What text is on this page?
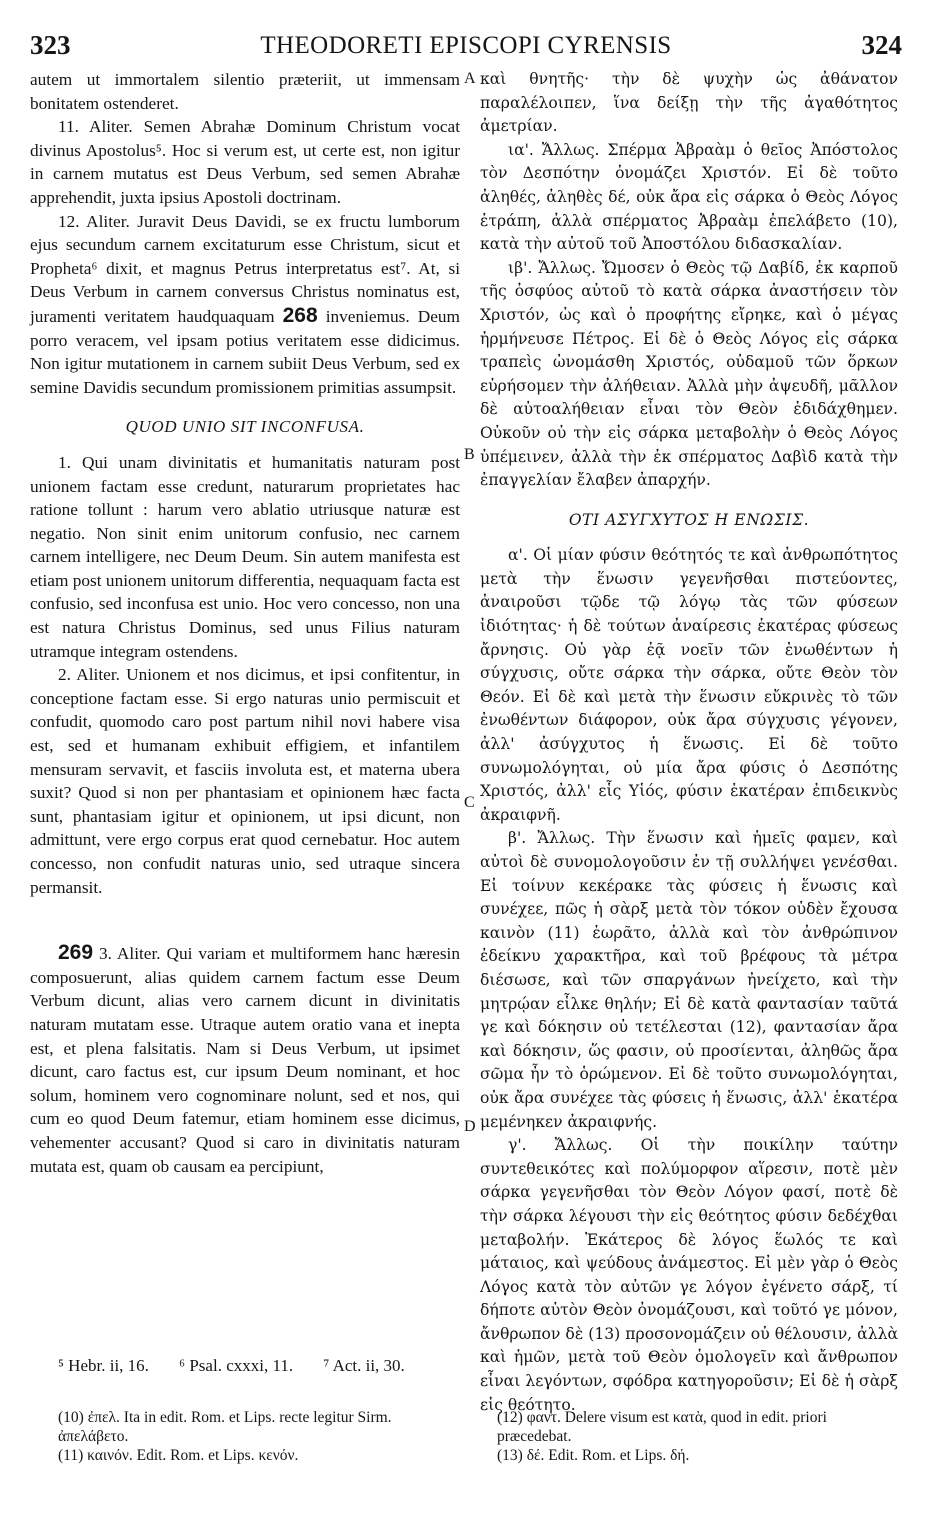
323	THEODORETI EPISCOPI CYRENSIS	324

autem ut immortalem silentio præteriit, ut immensam bonitatem ostenderet.

11. Aliter. Semen Abrahæ Dominum Christum vocat divinus Apostolus⁵. Hoc si verum est, ut certe est, non igitur in carnem mutatus est Deus Verbum, sed semen Abrahæ apprehendit, juxta ipsius Apostoli doctrinam.

12. Aliter. Juravit Deus Davidi, se ex fructu lumborum ejus secundum carnem excitaturum esse Christum, sicut et Propheta⁶ dixit, et magnus Petrus interpretatus est⁷. At, si Deus Verbum in carnem conversus Christus nominatus est, juramenti veritatem haudquaquam 268 inveniemus. Deum porro veracem, vel ipsam potius veritatem esse didicimus. Non igitur mutationem in carnem subiit Deus Verbum, sed ex semine Davidis secundum promissionem primitias assumpsit.

QUOD UNIO SIT INCONFUSA.

1. Qui unam divinitatis et humanitatis naturam post unionem factam esse credunt, naturarum proprietates hac ratione tollunt : harum vero ablatio utriusque naturæ est negatio. Non sinit enim unitorum confusio, nec carnem carnem intelligere, nec Deum Deum. Sin autem manifesta est etiam post unionem unitorum differentia, nequaquam facta est confusio, sed inconfusa est unio. Hoc vero concesso, non una est natura Christus Dominus, sed unus Filius naturam utramque integram ostendens.

2. Aliter. Unionem et nos dicimus, et ipsi confitentur, in conceptione factam esse. Si ergo naturas unio permiscuit et confudit, quomodo caro post partum nihil novi habere visa est, sed et humanam exhibuit effigiem, et infantilem mensuram servavit, et fasciis involuta est, et materna ubera suxit? Quod si non per phantasiam et opinionem hæc facta sunt, phantasiam igitur et opinionem, ut ipsi dicunt, non admittunt, vere ergo corpus erat quod cernebatur. Hoc autem concesso, non confudit naturas unio, sed utraque sincera permansit.

269 3. Aliter. Qui variam et multiformem hanc hæresin composuerunt, alias quidem carnem factum esse Deum Verbum dicunt, alias vero carnem dicunt in divinitatis naturam mutatam esse. Utraque autem oratio vana et inepta est, et plena falsitatis. Nam si Deus Verbum, ut ipsimet dicunt, caro factus est, cur ipsum Deum nominant, et hoc solum, hominem vero cognominare nolunt, sed et nos, qui cum eo quod Deum fatemur, etiam hominem esse dicimus, vehementer accusant? Quod si caro in divinitatis naturam mutata est, quam ob causam ea percipiunt,

A
B
C
D

καὶ θνητῆς· τὴν δὲ ψυχὴν ὡς ἀθάνατον παραλέλοιπεν, ἵνα δείξῃ τὴν τῆς ἀγαθότητος ἀμετρίαν.

ια'. Ἄλλως. Σπέρμα Ἀβραὰμ ὁ θεῖος Ἀπόστολος τὸν Δεσπότην ὀνομάζει Χριστόν. Εἰ δὲ τοῦτο ἀληθές, ἀληθὲς δέ, οὐκ ἄρα εἰς σάρκα ὁ Θεὸς Λόγος ἐτράπη, ἀλλὰ σπέρματος Ἀβραὰμ ἐπελάβετο (10), κατὰ τὴν αὐτοῦ τοῦ Ἀποστόλου διδασκαλίαν.

ιβ'. Ἄλλως. Ὤμοσεν ὁ Θεὸς τῷ Δαβίδ, ἐκ καρποῦ τῆς ὀσφύος αὐτοῦ τὸ κατὰ σάρκα ἀναστήσειν τὸν Χριστόν, ὡς καὶ ὁ προφήτης εἴρηκε, καὶ ὁ μέγας ἡρμήνευσε Πέτρος. Εἰ δὲ ὁ Θεὸς Λόγος εἰς σάρκα τραπεὶς ὠνομάσθη Χριστός, οὐδαμοῦ τῶν ὅρκων εὑρήσομεν τὴν ἀλήθειαν. Ἀλλὰ μὴν ἀψευδῆ, μᾶλλον δὲ αὐτοαλήθειαν εἶναι τὸν Θεὸν ἐδιδάχθημεν. Οὐκοῦν οὐ τὴν εἰς σάρκα μεταβολὴν ὁ Θεὸς Λόγος ὑπέμεινεν, ἀλλὰ τὴν ἐκ σπέρματος Δαβὶδ κατὰ τὴν ἐπαγγελίαν ἔλαβεν ἀπαρχήν.

ΟΤΙ ΑΣΥΓΧΥΤΟΣ Η ΕΝΩΣΙΣ.

α'. Οἱ μίαν φύσιν θεότητός τε καὶ ἀνθρωπότητος μετὰ τὴν ἕνωσιν γεγενῆσθαι πιστεύοντες, ἀναιροῦσι τῷδε τῷ λόγῳ τὰς τῶν φύσεων ἰδιότητας· ἡ δὲ τούτων ἀναίρεσις ἑκατέρας φύσεως ἄρνησις. Οὐ γὰρ ἐᾷ νοεῖν τῶν ἑνωθέντων ἡ σύγχυσις, οὔτε σάρκα τὴν σάρκα, οὔτε Θεὸν τὸν Θεόν. Εἰ δὲ καὶ μετὰ τὴν ἕνωσιν εὔκρινὲς τὸ τῶν ἑνωθέντων διάφορον, οὐκ ἄρα σύγχυσις γέγονεν, ἀλλ' ἀσύγχυτος ἡ ἕνωσις. Εἰ δὲ τοῦτο συνωμολόγηται, οὐ μία ἄρα φύσις ὁ Δεσπότης Χριστός, ἀλλ' εἷς Υἱός, φύσιν ἑκατέραν ἐπιδεικνὺς ἀκραιφνῆ.

β'. Ἄλλως. Τὴν ἕνωσιν καὶ ἡμεῖς φαμεν, καὶ αὐτοὶ δὲ συνομολογοῦσιν ἐν τῇ συλλήψει γενέσθαι. Εἰ τοίνυν κεκέρακε τὰς φύσεις ἡ ἕνωσις καὶ συνέχεε, πῶς ἡ σὰρξ μετὰ τὸν τόκον οὐδὲν ἔχουσα καινὸν (11) ἑωρᾶτο, ἀλλὰ καὶ τὸν ἀνθρώπινον ἐδείκνυ χαρακτῆρα, καὶ τοῦ βρέφους τὰ μέτρα διέσωσε, καὶ τῶν σπαργάνων ἠνείχετο, καὶ τὴν μητρῴαν εἷλκε θηλήν; Εἰ δὲ κατὰ φαντασίαν ταῦτά γε καὶ δόκησιν οὐ τετέλεσται (12), φαντασίαν ἄρα καὶ δόκησιν, ὥς φασιν, οὐ προσίενται, ἀληθῶς ἄρα σῶμα ἦν τὸ ὁρώμενον. Εἰ δὲ τοῦτο συνωμολόγηται, οὐκ ἄρα συνέχεε τὰς φύσεις ἡ ἕνωσις, ἀλλ' ἑκατέρα μεμένηκεν ἀκραιφνής.

γ'. Ἄλλως. Οἱ τὴν ποικίλην ταύτην συντεθεικότες καὶ πολύμορφον αἵρεσιν, ποτὲ μὲν σάρκα γεγενῆσθαι τὸν Θεὸν Λόγον φασί, ποτὲ δὲ τὴν σάρκα λέγουσι τὴν εἰς θεότητος φύσιν δεδέχθαι μεταβολήν. Ἑκάτερος δὲ λόγος ἕωλός τε καὶ μάταιος, καὶ ψεύδους ἀνάμεστος. Εἰ μὲν γὰρ ὁ Θεὸς Λόγος κατὰ τὸν αὐτῶν γε λόγον ἐγένετο σάρξ, τί δήποτε αὐτὸν Θεὸν ὀνομάζουσι, καὶ τοῦτό γε μόνον, ἄνθρωπον δὲ (13) προσονομάζειν οὐ θέλουσιν, ἀλλὰ καὶ ἡμῶν, μετὰ τοῦ Θεὸν ὁμολογεῖν καὶ ἄνθρωπον εἶναι λεγόντων, σφόδρα κατηγοροῦσιν; Εἰ δὲ ἡ σὰρξ εἰς θεότητο.

⁵ Hebr. ii, 16. ⁶ Psal. cxxxi, 11. ⁷ Act. ii, 30.

(10) ἐπελ. Ita in edit. Rom. et Lips. recte legitur Sirm. ἀπελάβετο.

(11) καινόν. Edit. Rom. et Lips. κενόν.

(12) φαντ. Delere visum est κατὰ, quod in edit. priori præcedebat.

(13) δέ. Edit. Rom. et Lips. δή.
